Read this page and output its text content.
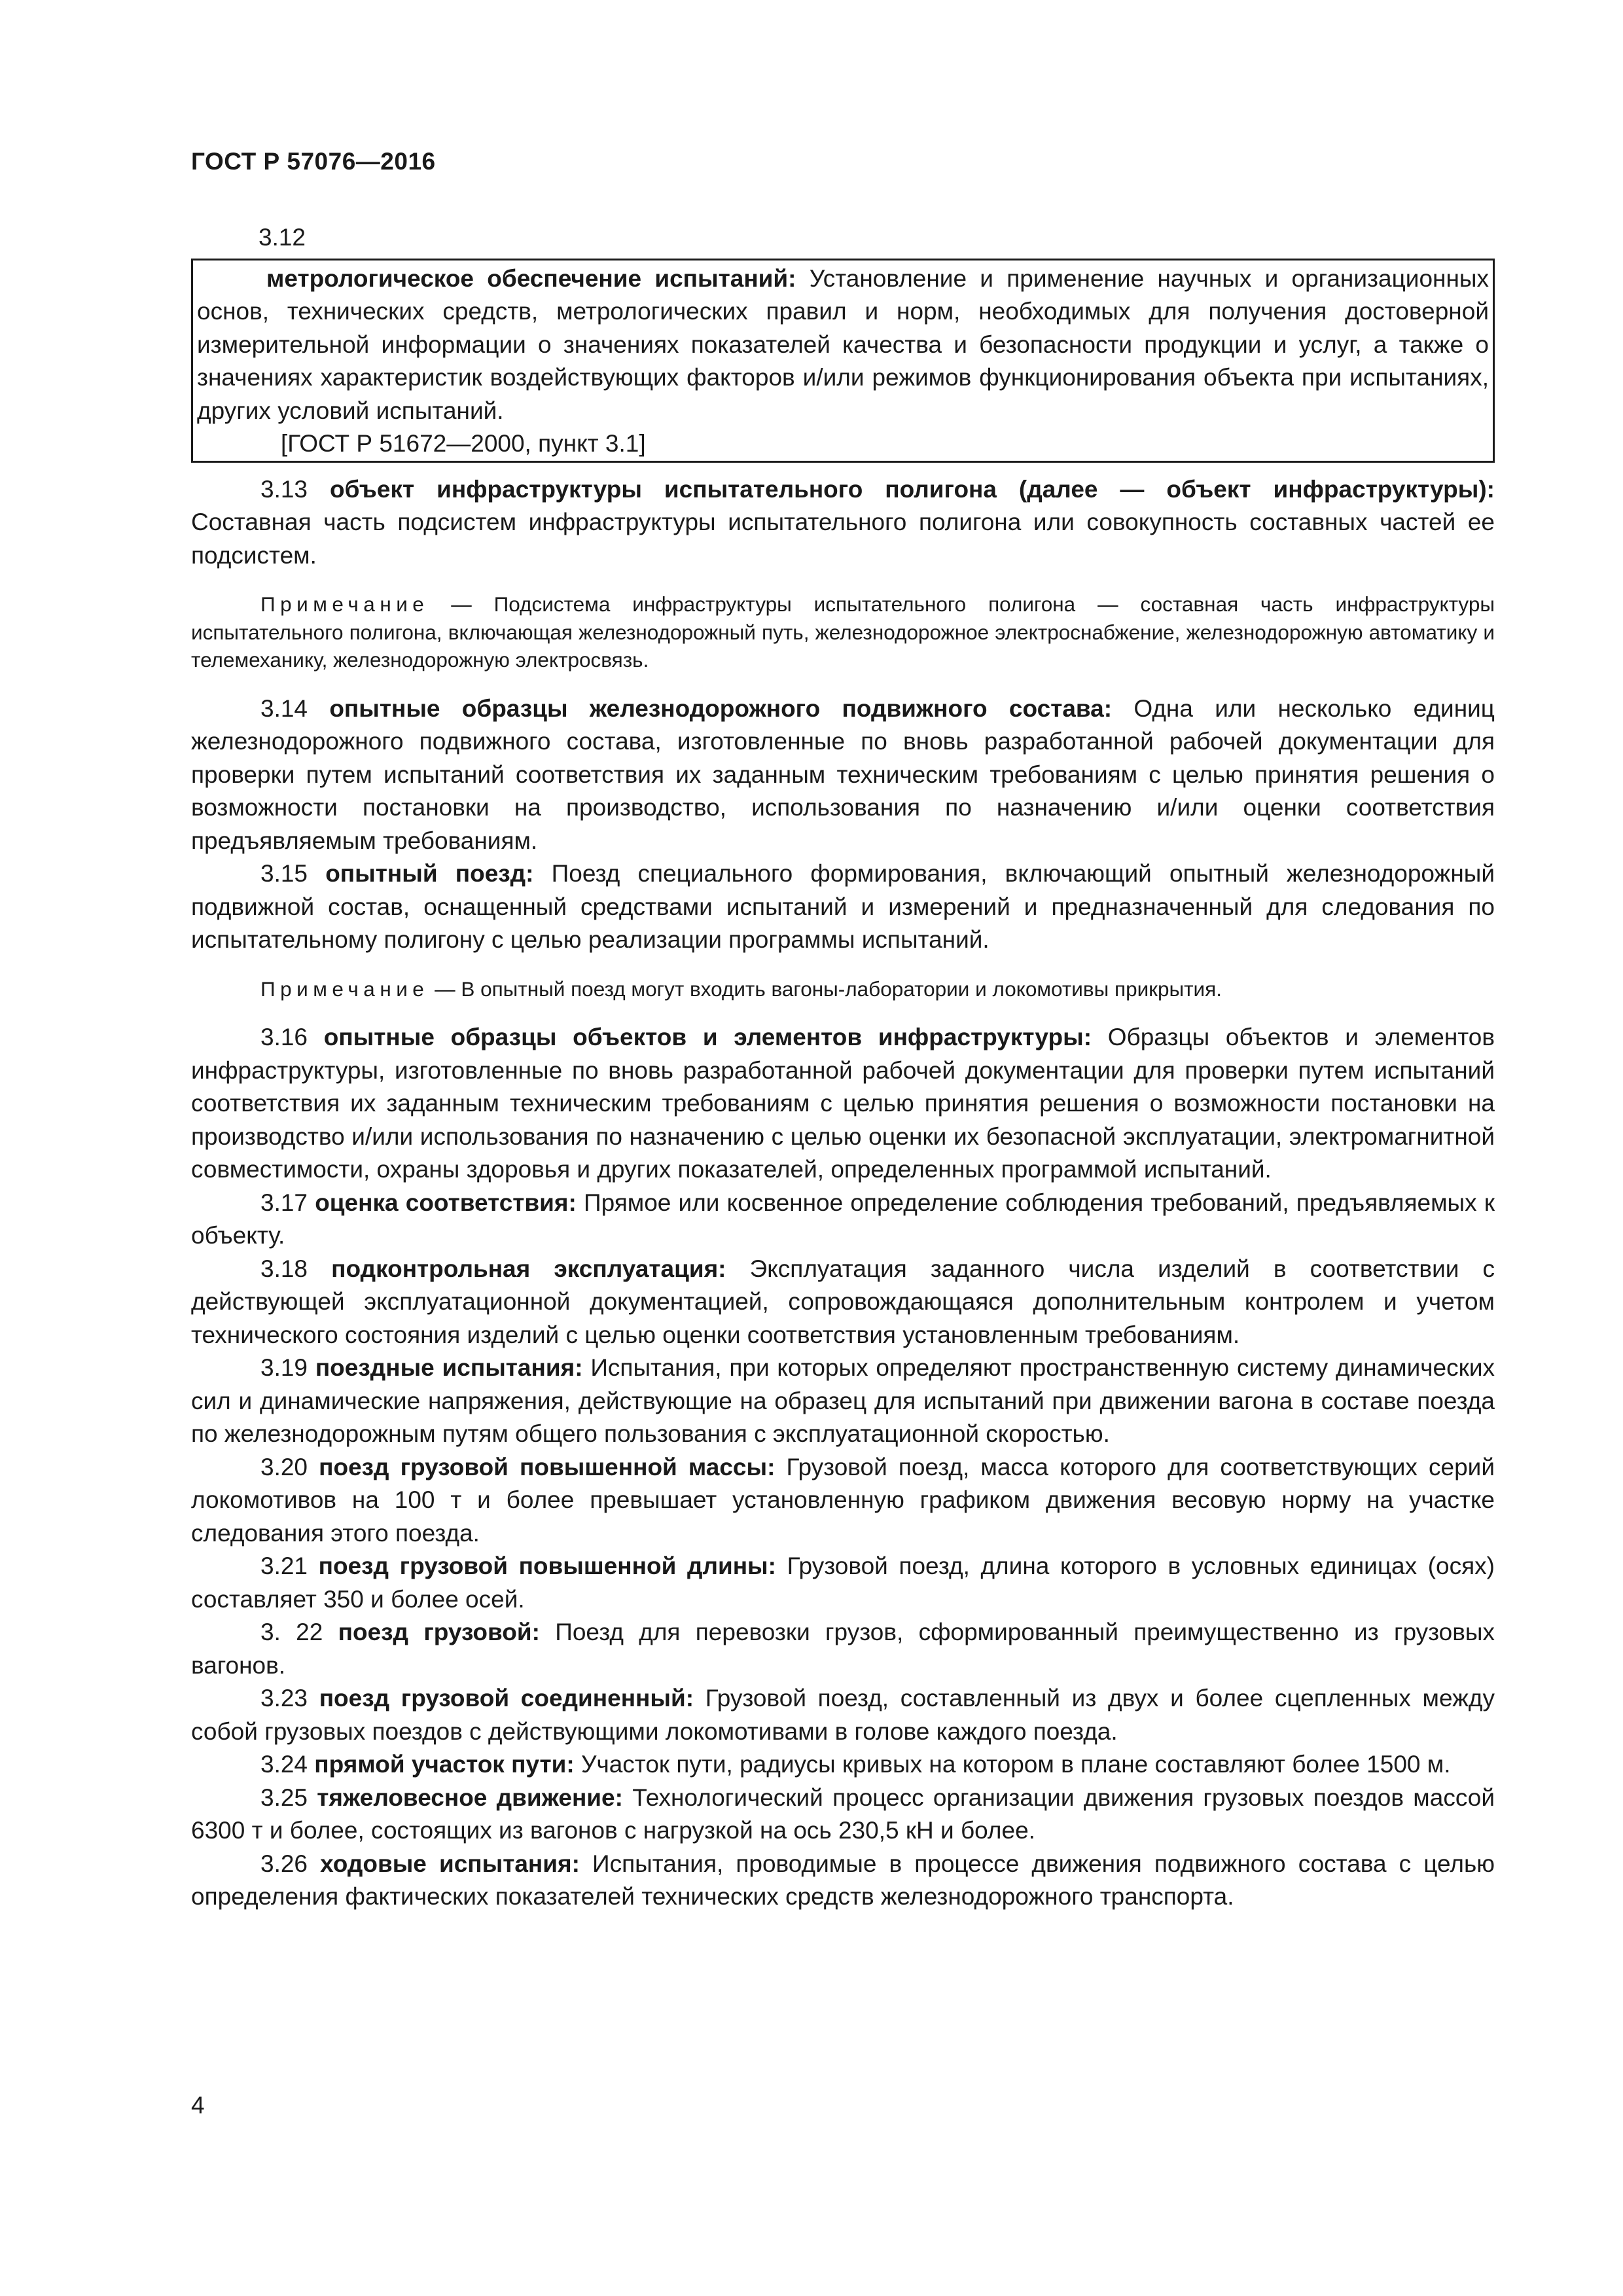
ГОСТ Р 57076—2016
3.12
метрологическое обеспечение испытаний: Установление и применение научных и организационных основ, технических средств, метрологических правил и норм, необходимых для получения достоверной измерительной информации о значениях показателей качества и безопасности продукции и услуг, а также о значениях характеристик воздействующих факторов и/или режимов функционирования объекта при испытаниях, других условий испытаний.
[ГОСТ Р 51672—2000, пункт 3.1]
3.13 объект инфраструктуры испытательного полигона (далее — объект инфраструктуры): Составная часть подсистем инфраструктуры испытательного полигона или совокупность составных частей ее подсистем.
Примечание — Подсистема инфраструктуры испытательного полигона — составная часть инфраструктуры испытательного полигона, включающая железнодорожный путь, железнодорожное электроснабжение, железнодорожную автоматику и телемеханику, железнодорожную электросвязь.
3.14 опытные образцы железнодорожного подвижного состава: Одна или несколько единиц железнодорожного подвижного состава, изготовленные по вновь разработанной рабочей документации для проверки путем испытаний соответствия их заданным техническим требованиям с целью принятия решения о возможности постановки на производство, использования по назначению и/или оценки соответствия предъявляемым требованиям.
3.15 опытный поезд: Поезд специального формирования, включающий опытный железнодорожный подвижной состав, оснащенный средствами испытаний и измерений и предназначенный для следования по испытательному полигону с целью реализации программы испытаний.
Примечание — В опытный поезд могут входить вагоны-лаборатории и локомотивы прикрытия.
3.16 опытные образцы объектов и элементов инфраструктуры: Образцы объектов и элементов инфраструктуры, изготовленные по вновь разработанной рабочей документации для проверки путем испытаний соответствия их заданным техническим требованиям с целью принятия решения о возможности постановки на производство и/или использования по назначению с целью оценки их безопасной эксплуатации, электромагнитной совместимости, охраны здоровья и других показателей, определенных программой испытаний.
3.17 оценка соответствия: Прямое или косвенное определение соблюдения требований, предъявляемых к объекту.
3.18 подконтрольная эксплуатация: Эксплуатация заданного числа изделий в соответствии с действующей эксплуатационной документацией, сопровождающаяся дополнительным контролем и учетом технического состояния изделий с целью оценки соответствия установленным требованиям.
3.19 поездные испытания: Испытания, при которых определяют пространственную систему динамических сил и динамические напряжения, действующие на образец для испытаний при движении вагона в составе поезда по железнодорожным путям общего пользования с эксплуатационной скоростью.
3.20 поезд грузовой повышенной массы: Грузовой поезд, масса которого для соответствующих серий локомотивов на 100 т и более превышает установленную графиком движения весовую норму на участке следования этого поезда.
3.21 поезд грузовой повышенной длины: Грузовой поезд, длина которого в условных единицах (осях) составляет 350 и более осей.
3. 22 поезд грузовой: Поезд для перевозки грузов, сформированный преимущественно из грузовых вагонов.
3.23 поезд грузовой соединенный: Грузовой поезд, составленный из двух и более сцепленных между собой грузовых поездов с действующими локомотивами в голове каждого поезда.
3.24 прямой участок пути: Участок пути, радиусы кривых на котором в плане составляют более 1500 м.
3.25 тяжеловесное движение: Технологический процесс организации движения грузовых поездов массой 6300 т и более, состоящих из вагонов с нагрузкой на ось 230,5 кН и более.
3.26 ходовые испытания: Испытания, проводимые в процессе движения подвижного состава с целью определения фактических показателей технических средств железнодорожного транспорта.
4
